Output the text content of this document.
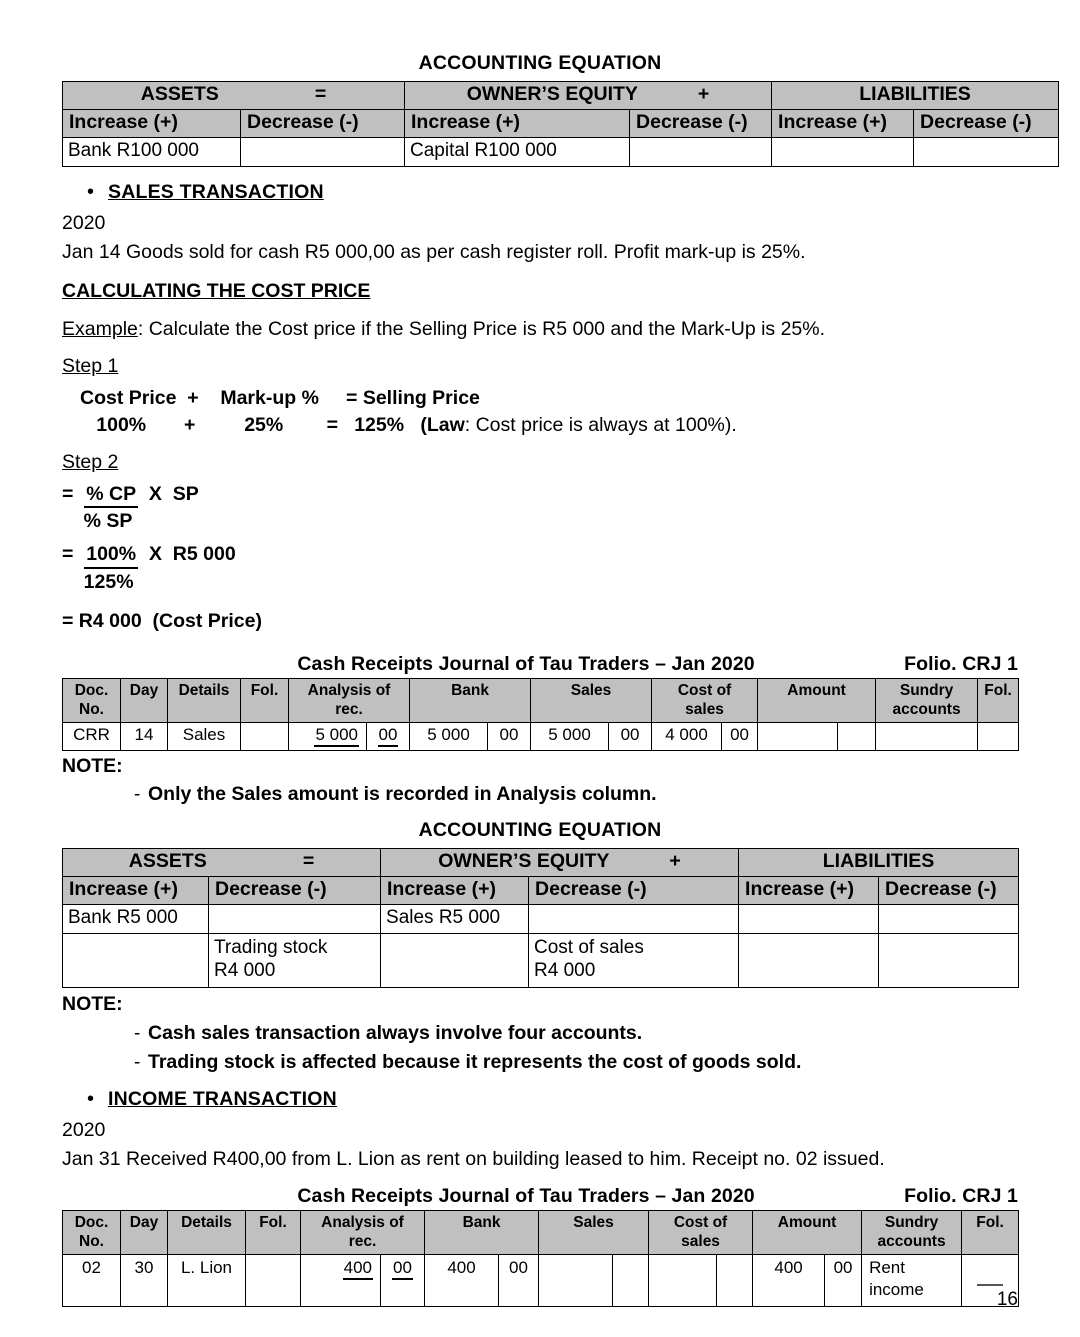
ACCOUNTING EQUATION
ASSETS =		OWNER’S EQUITY +		LIABILITIES	
Increase (+)	Decrease (-)	Increase (+)	Decrease (-)	Increase (+)	Decrease (-)
Bank R100 000		Capital R100 000			
• SALES TRANSACTION
2020
Jan 14 Goods sold for cash R5 000,00 as per cash register roll. Profit mark-up is 25%.
CALCULATING THE COST PRICE
Example: Calculate the Cost price if the Selling Price is R5 000 and the Mark-Up is 25%.
Step 1
Cost Price  +    Mark-up %     = Selling Price
100%       +         25%        =   125%   (Law: Cost price is always at 100%).
Step 2
=  % CP  X  SP
% SP
=  100%  X  R5 000
125%
= R4 000  (Cost Price)
Cash Receipts Journal of Tau Traders – Jan 2020	Folio. CRJ 1
Doc.
No.	Day	Details	Fol.	Analysis of
rec.		Bank		Sales		Cost of
sales		Amount		Sundry
accounts	Fol.
CRR	14	Sales		5 000	00	5 000	00	5 000	00	4 000	00				
NOTE:
- Only the Sales amount is recorded in Analysis column.
ACCOUNTING EQUATION
ASSETS =		OWNER’S EQUITY +		LIABILITIES	
Increase (+)	Decrease (-)	Increase (+)	Decrease (-)	Increase (+)	Decrease (-)
Bank R5 000		Sales R5 000			

	Trading stock
R4 000		Cost of sales
R4 000		

NOTE:
- Cash sales transaction always involve four accounts.
- Trading stock is affected because it represents the cost of goods sold.
• INCOME TRANSACTION
2020
Jan 31 Received R400,00 from L. Lion as rent on building leased to him. Receipt no. 02 issued.
Cash Receipts Journal of Tau Traders – Jan 2020	Folio. CRJ 1
Doc.
No.	Day	Details	Fol.	Analysis of
rec.		Bank		Sales		Cost of
sales		Amount		Sundry
accounts	Fol.
02	30	L. Lion		400	00	400	00					400	00	Rent
income	
		16
